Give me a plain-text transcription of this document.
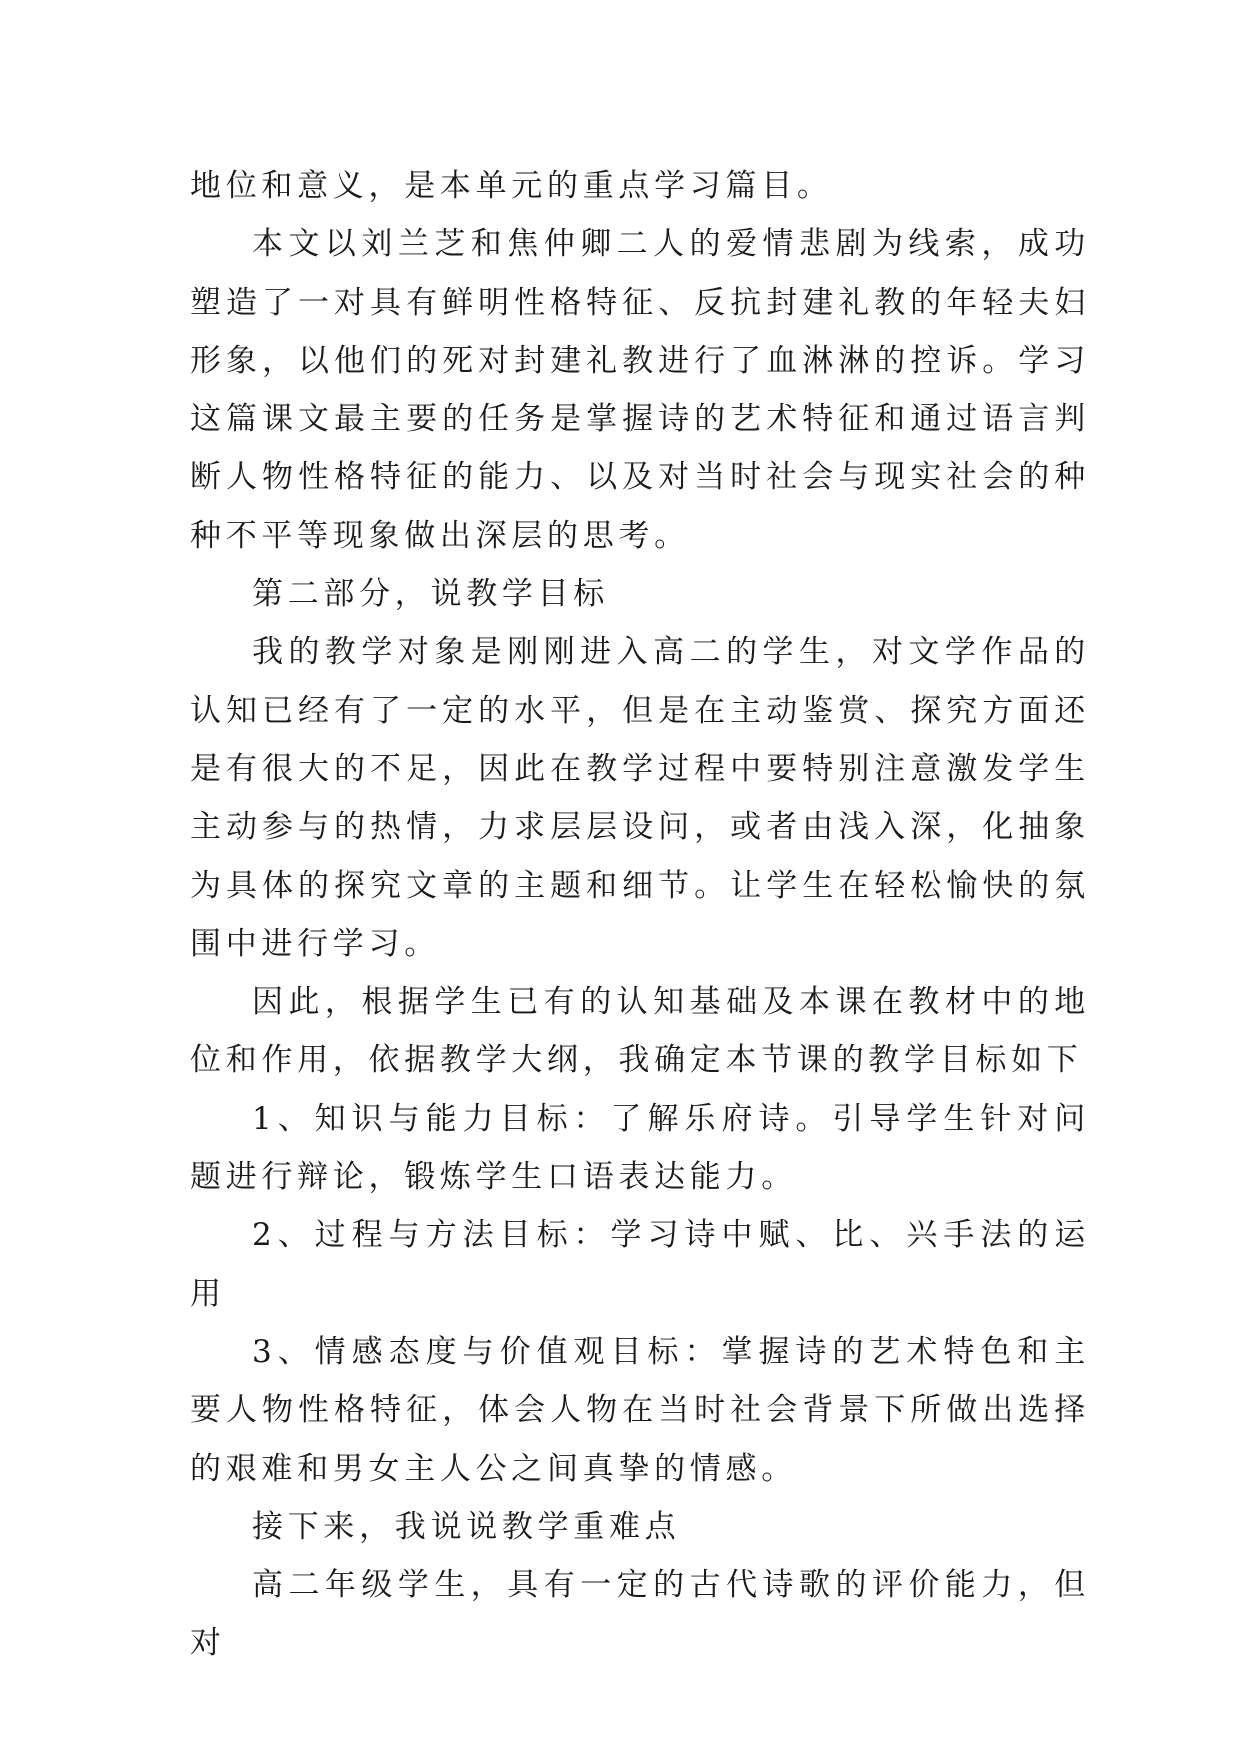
地位和意义，是本单元的重点学习篇目。

本文以刘兰芝和焦仲卿二人的爱情悲剧为线索，成功塑造了一对具有鲜明性格特征、反抗封建礼教的年轻夫妇形象，以他们的死对封建礼教进行了血淋淋的控诉。学习这篇课文最主要的任务是掌握诗的艺术特征和通过语言判断人物性格特征的能力、以及对当时社会与现实社会的种种不平等现象做出深层的思考。

第二部分，说教学目标

我的教学对象是刚刚进入高二的学生，对文学作品的认知已经有了一定的水平，但是在主动鉴赏、探究方面还是有很大的不足，因此在教学过程中要特别注意激发学生主动参与的热情，力求层层设问，或者由浅入深，化抽象为具体的探究文章的主题和细节。让学生在轻松愉快的氛围中进行学习。

因此，根据学生已有的认知基础及本课在教材中的地位和作用，依据教学大纲，我确定本节课的教学目标如下

1、知识与能力目标：了解乐府诗。引导学生针对问题进行辩论，锻炼学生口语表达能力。

2、过程与方法目标：学习诗中赋、比、兴手法的运用

3、情感态度与价值观目标：掌握诗的艺术特色和主要人物性格特征，体会人物在当时社会背景下所做出选择的艰难和男女主人公之间真挚的情感。

接下来，我说说教学重难点

高二年级学生，具有一定的古代诗歌的评价能力，但对
